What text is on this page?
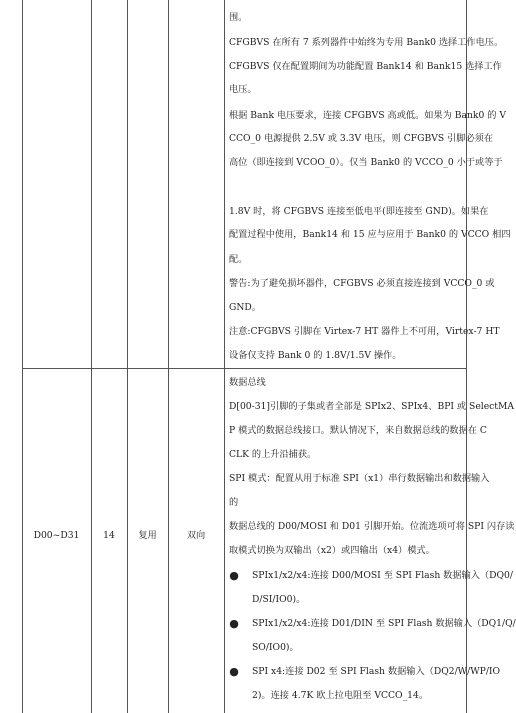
围。
CFGBVS 在所有 7 系列器件中始终为专用 Bank0 选择工作电压。
CFGBVS 仅在配置期间为功能配置 Bank14 和 Bank15 选择工作
电压。
根据 Bank 电压要求，连接 CFGBVS 高或低。如果为 Bank0 的 V
CCO_0 电源提供 2.5V 或 3.3V 电压，则 CFGBVS 引脚必须在
高位（即连接到 VCOO_0）。仅当 Bank0 的 VCCO_0 小于或等于
1.8V 时，将 CFGBVS 连接至低电平(即连接至 GND)。如果在
配置过程中使用，Bank14 和 15 应与应用于 Bank0 的 VCCO 相四
配。
警告:为了避免损坏器件，CFGBVS 必须直接连接到 VCCO_0 或
GND。
注意:CFGBVS 引脚在 Virtex-7 HT 器件上不可用，Virtex-7 HT
设备仅支持 Bank 0 的 1.8V/1.5V 操作。
D00~D31	14	复用	双向
数据总线
D[00-31]引脚的子集或者全部是 SPIx2、SPIx4、BPI 或 SelectMA
P 模式的数据总线接口。默认情况下，来自数据总线的数据在 C
CLK 的上升沿捕获。
SPI 模式：配置从用于标准 SPI（x1）串行数据输出和数据输入
的
数据总线的 D00/MOSI 和 D01 引脚开始。位流选项可将 SPI 闪存读
取模式切换为双输出（x2）或四输出（x4）模式。
● SPIx1/x2/x4:连接 D00/MOSI 至 SPI Flash 数据输入（DQ0/
D/SI/IO0)。
● SPIx1/x2/x4:连接 D01/DIN 至 SPI Flash 数据输入（DQ1/Q/
SO/IO0)。
● SPI x4:连接 D02 至 SPI Flash 数据输入（DQ2/W/WP/IO
2)。连接 4.7K 欧上拉电阻至 VCCO_14。
